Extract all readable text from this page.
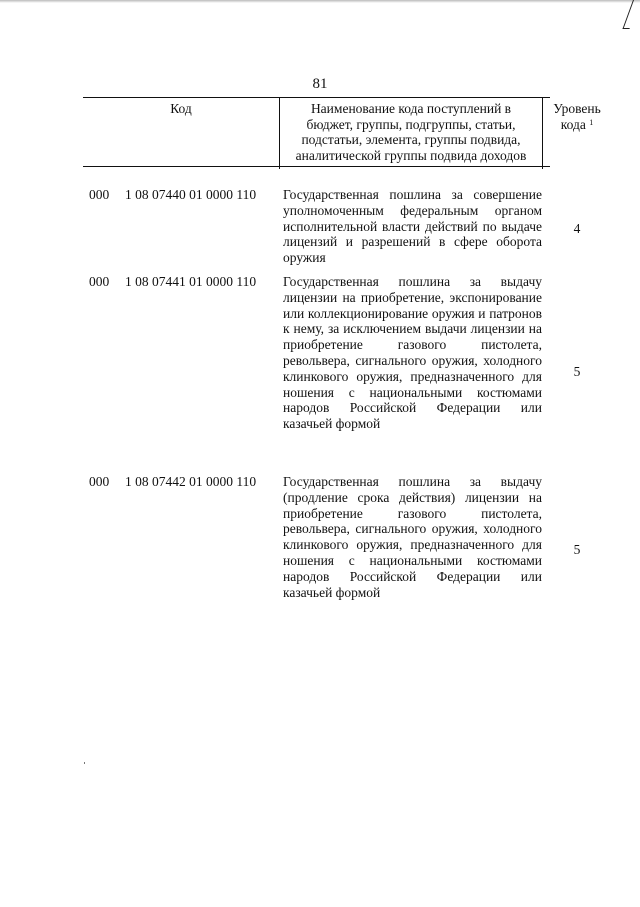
81
Код	Наименование кода поступлений в
бюджет, группы, подгруппы, статьи,
подстатьи, элемента, группы подвида,
аналитической группы подвида доходов
Уровень
кода $^1$
000 1 08 07440 01 0000 110 Государственная пошлина за совершение уполномоченным федеральным органом исполнительной власти действий по выдаче лицензий и разрешений в сфере оборота оружия
4
000 1 08 07441 01 0000 110 Государственная пошлина за выдачу лицензии на приобретение, экспонирование или коллекционирование оружия и патронов к нему, за исключением выдачи лицензии на приобретение газового пистолета, револьвера, сигнального оружия, холодного клинкового оружия, предназначенного для ношения с национальными костюмами народов Российской Федерации или казачьей формой
5
000 1 08 07442 01 0000 110 Государственная пошлина за выдачу (продление срока действия) лицензии на приобретение газового пистолета, револьвера, сигнального оружия, холодного клинкового оружия, предназначенного для ношения с национальными костюмами народов Российской Федерации или казачьей формой
5
